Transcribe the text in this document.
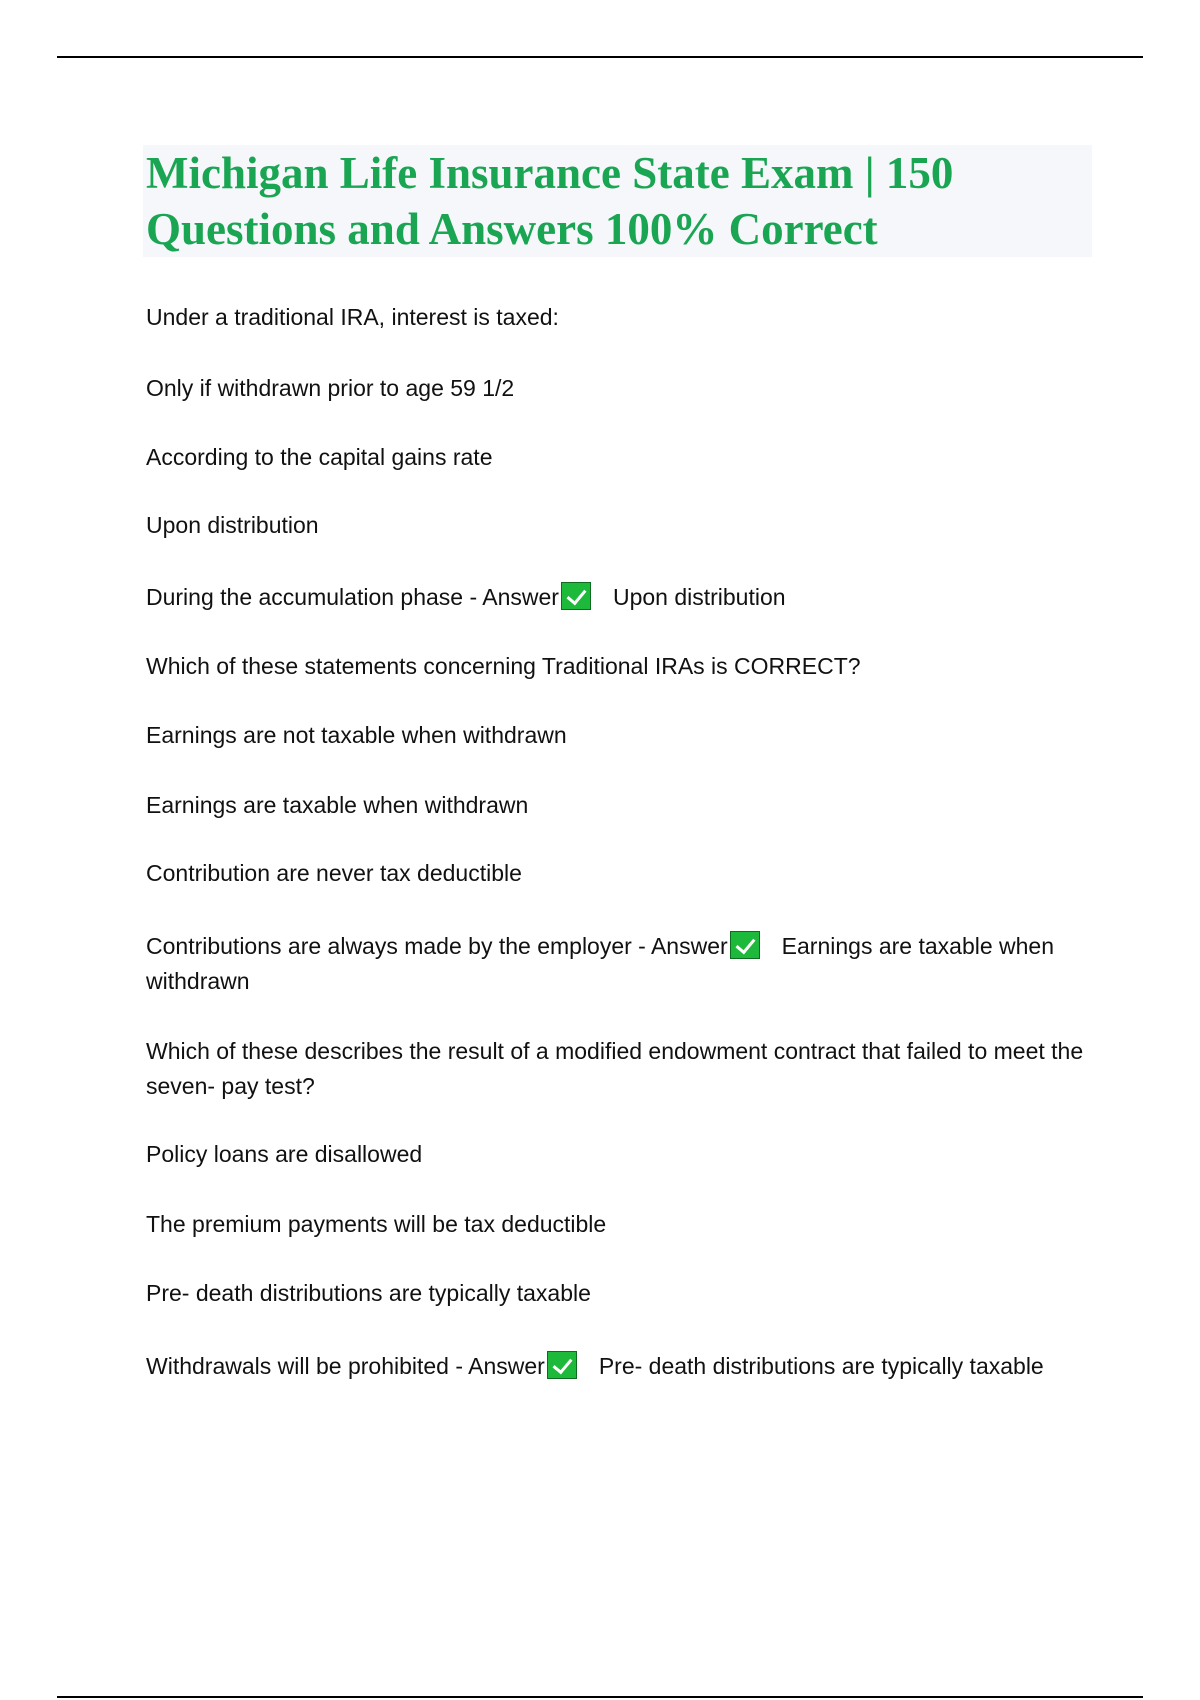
Michigan Life Insurance State Exam | 150 Questions and Answers 100% Correct
Under a traditional IRA, interest is taxed:
Only if withdrawn prior to age 59 1/2
According to the capital gains rate
Upon distribution
During the accumulation phase - Answer Upon distribution
Which of these statements concerning Traditional IRAs is CORRECT?
Earnings are not taxable when withdrawn
Earnings are taxable when withdrawn
Contribution are never tax deductible
Contributions are always made by the employer - Answer Earnings are taxable when withdrawn
Which of these describes the result of a modified endowment contract that failed to meet the seven- pay test?
Policy loans are disallowed
The premium payments will be tax deductible
Pre- death distributions are typically taxable
Withdrawals will be prohibited - Answer Pre- death distributions are typically taxable
